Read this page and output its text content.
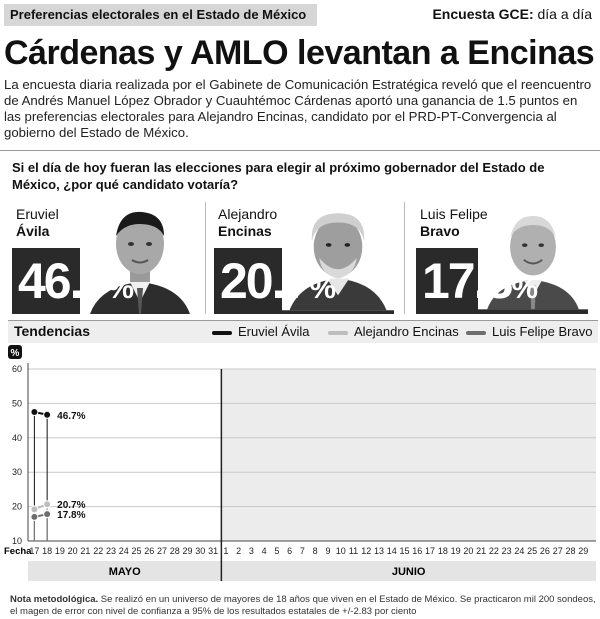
Preferencias electorales en el Estado de México	Encuesta GCE: día a día
Cárdenas y AMLO levantan a Encinas
La encuesta diaria realizada por el Gabinete de Comunicación Estratégica reveló que el reencuentro de Andrés Manuel López Obrador y Cuauhtémoc Cárdenas aportó una ganancia de 1.5 puntos en las preferencias electorales para Alejandro Encinas, candidato por el PRD-PT-Convergencia al gobierno del Estado de México.
Si el día de hoy fueran las elecciones para elegir al próximo gobernador del Estado de México, ¿por qué candidato votaría?
Eruviel
Ávila
46.7%
Alejandro
Encinas
20.7%
Luis Felipe
Bravo
17.8%
Tendencias	Eruviel Ávila	Alejandro Encinas	Luis Felipe Bravo
10
20
30
40
50
60
%
17 18 19 20 21 22 23 24 25 26 27 28 29 30 31 1 2 3 4 5 6 7 8 9 10 11 12 13 14 15 16 17 18 19 20 21 22 23 24 25 26 27 28 29
Fecha
MAYO	JUNIO
46.7%
20.7%
17.8%
Nota metodológica. Se realizó en un universo de mayores de 18 años que viven en el Estado de México. Se practicaron mil 200 sondeos, el magen de error con nivel de confianza a 95% de los resultados estatales de +/-2.83 por ciento
